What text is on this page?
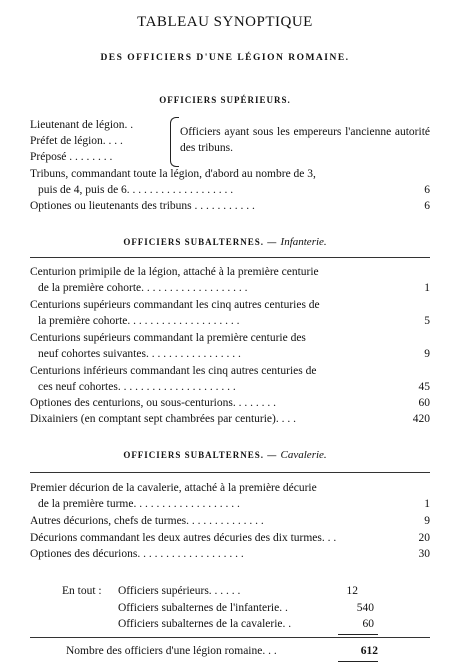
TABLEAU SYNOPTIQUE
DES OFFICIERS D'UNE LÉGION ROMAINE.
OFFICIERS SUPÉRIEURS.
Lieutenant de légion. .
Préfet de légion. . . .
Préposé . . . . . . . .
Officiers ayant sous les empereurs l'ancienne autorité des tribuns.
Tribuns, commandant toute la légion, d'abord au nombre de 3,
puis de 4, puis de 6. . . . . . . . . . . . . . . . . . .	6
Optiones ou lieutenants des tribuns . . . . . . . . . . .	6
OFFICIERS SUBALTERNES. — Infanterie.
Centurion primipile de la légion, attaché à la première centurie
de la première cohorte. . . . . . . . . . . . . . . . . . .	1
Centurions supérieurs commandant les cinq autres centuries de
la première cohorte. . . . . . . . . . . . . . . . . . . .	5
Centurions supérieurs commandant la première centurie des
neuf cohortes suivantes. . . . . . . . . . . . . . . . .	9
Centurions inférieurs commandant les cinq autres centuries de
ces neuf cohortes. . . . . . . . . . . . . . . . . . . . .	45
Optiones des centurions, ou sous-centurions. . . . . . . .	60
Dixainiers (en comptant sept chambrées par centurie). . . .	420
OFFICIERS SUBALTERNES. — Cavalerie.
Premier décurion de la cavalerie, attaché à la première décurie
de la première turme. . . . . . . . . . . . . . . . . . .	1
Autres décurions, chefs de turmes. . . . . . . . . . . . . .	9
Décurions commandant les deux autres décuries des dix turmes. . .	20
Optiones des décurions. . . . . . . . . . . . . . . . . . .	30
En tout : Officiers supérieurs. . . . . .	12
Officiers subalternes de l'infanterie. .	540
Officiers subalternes de la cavalerie. .	60
Nombre des officiers d'une légion romaine. . .	612
